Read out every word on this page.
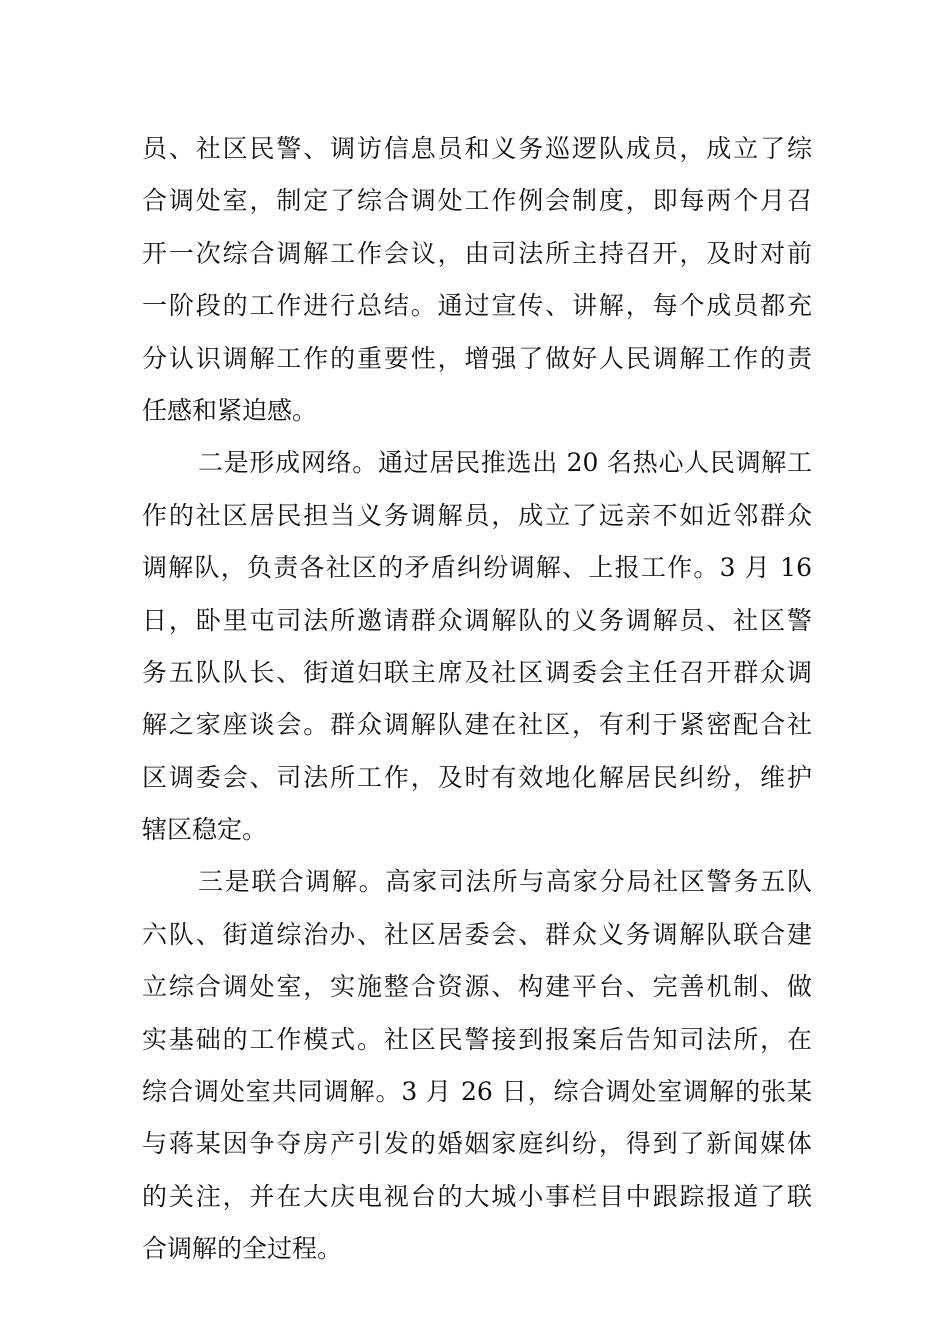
员、社区民警、调访信息员和义务巡逻队成员，成立了综
合调处室，制定了综合调处工作例会制度，即每两个月召
开一次综合调解工作会议，由司法所主持召开，及时对前
一阶段的工作进行总结。通过宣传、讲解，每个成员都充
分认识调解工作的重要性，增强了做好人民调解工作的责
任感和紧迫感。
二是形成网络。通过居民推选出 20 名热心人民调解工
作的社区居民担当义务调解员，成立了远亲不如近邻群众
调解队，负责各社区的矛盾纠纷调解、上报工作。3 月 16
日，卧里屯司法所邀请群众调解队的义务调解员、社区警
务五队队长、街道妇联主席及社区调委会主任召开群众调
解之家座谈会。群众调解队建在社区，有利于紧密配合社
区调委会、司法所工作，及时有效地化解居民纠纷，维护
辖区稳定。
三是联合调解。高家司法所与高家分局社区警务五队
六队、街道综治办、社区居委会、群众义务调解队联合建
立综合调处室，实施整合资源、构建平台、完善机制、做
实基础的工作模式。社区民警接到报案后告知司法所，在
综合调处室共同调解。3 月 26 日，综合调处室调解的张某
与蒋某因争夺房产引发的婚姻家庭纠纷，得到了新闻媒体
的关注，并在大庆电视台的大城小事栏目中跟踪报道了联
合调解的全过程。
